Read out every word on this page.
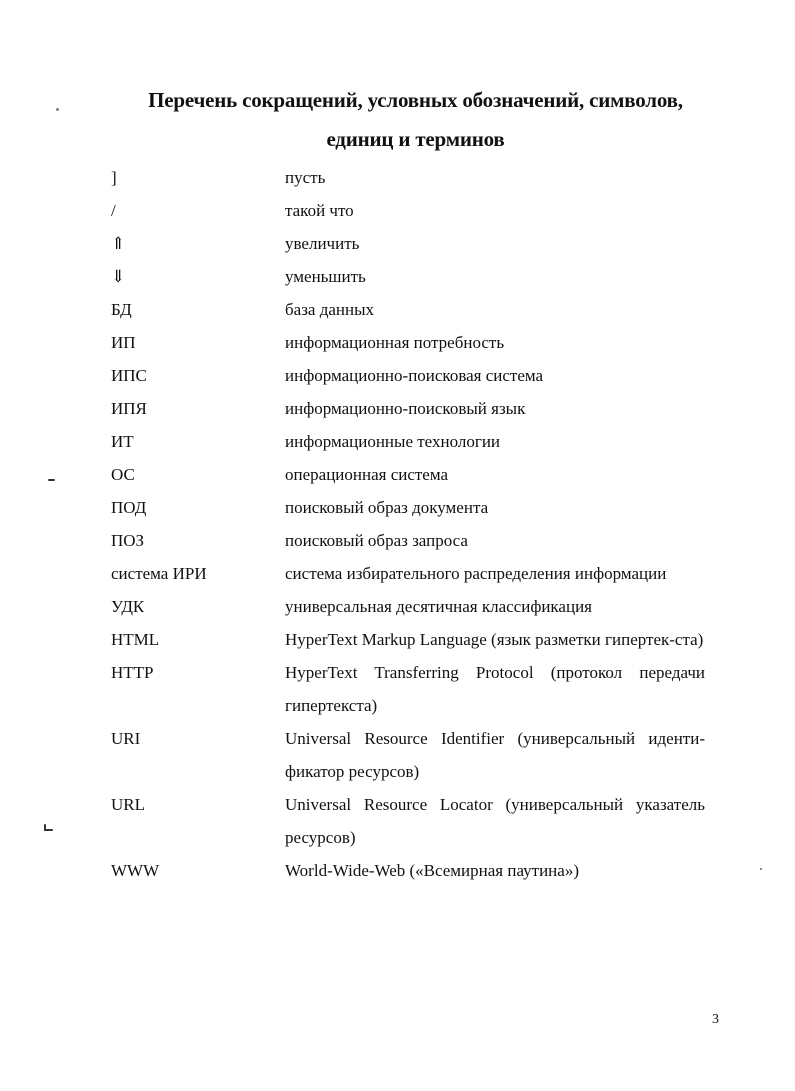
Перечень сокращений, условных обозначений, символов,
единиц и терминов
]	пусть
/	такой что
⇑	увеличить
⇓	уменьшить
БД	база данных
ИП	информационная потребность
ИПС	информационно-поисковая система
ИПЯ	информационно-поисковый язык
ИТ	информационные технологии
ОС	операционная система
ПОД	поисковый образ документа
ПОЗ	поисковый образ запроса
система ИРИ	система избирательного распределения информации
УДК	универсальная десятичная классификация
HTML	HyperText Markup Language (язык разметки гипертек-ста)
HTTP	HyperText Transferring Protocol (протокол передачи гипертекста)
URI	Universal Resource Identifier (универсальный иденти-фикатор ресурсов)
URL	Universal Resource Locator (универсальный указатель ресурсов)
WWW	World-Wide-Web («Всемирная паутина»)
3
